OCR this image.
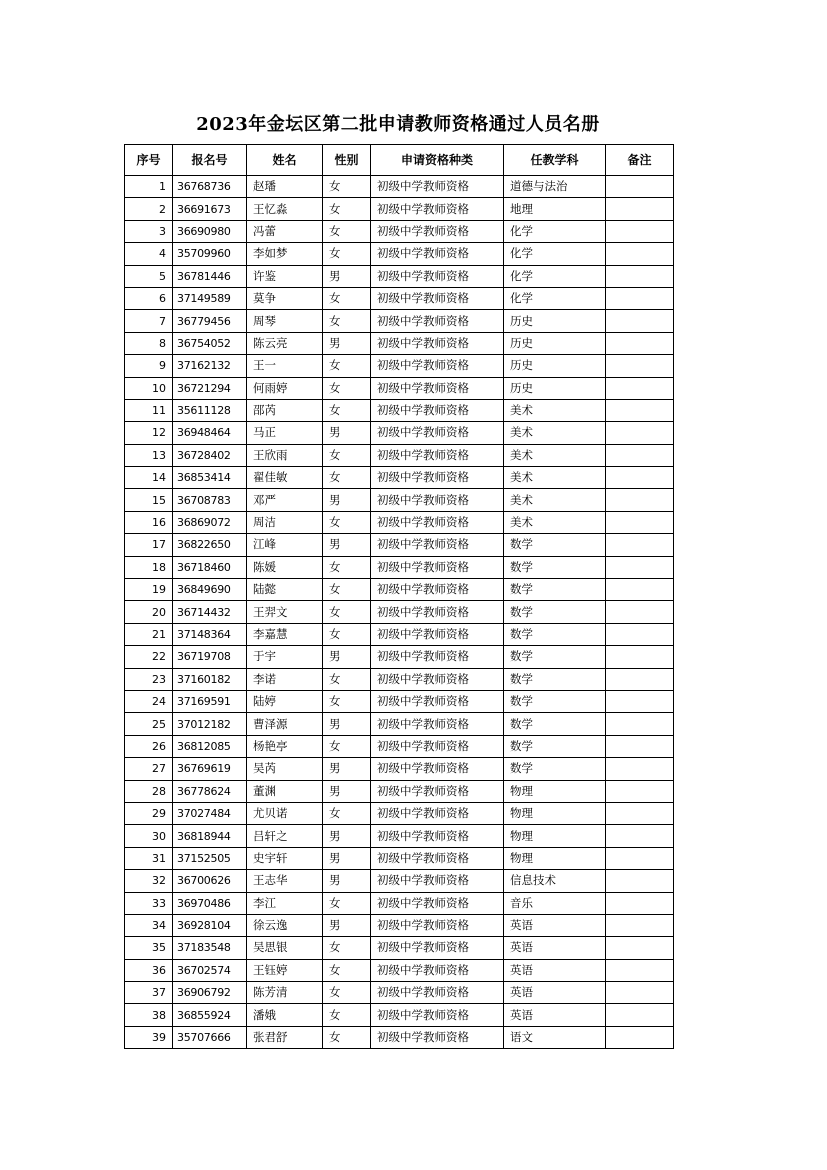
2023年金坛区第二批申请教师资格通过人员名册
序号	报名号	姓名	性别	申请资格种类	任教学科	备注
1	36768736	赵璠	女	初级中学教师资格	道德与法治	
2	36691673	王忆淼	女	初级中学教师资格	地理	
3	36690980	冯蕾	女	初级中学教师资格	化学	
4	35709960	李如梦	女	初级中学教师资格	化学	
5	36781446	许鉴	男	初级中学教师资格	化学	
6	37149589	莫争	女	初级中学教师资格	化学	
7	36779456	周琴	女	初级中学教师资格	历史	
8	36754052	陈云亮	男	初级中学教师资格	历史	
9	37162132	王一	女	初级中学教师资格	历史	
10	36721294	何雨婷	女	初级中学教师资格	历史	
11	35611128	邵芮	女	初级中学教师资格	美术	
12	36948464	马正	男	初级中学教师资格	美术	
13	36728402	王欣雨	女	初级中学教师资格	美术	
14	36853414	翟佳敏	女	初级中学教师资格	美术	
15	36708783	邓严	男	初级中学教师资格	美术	
16	36869072	周洁	女	初级中学教师资格	美术	
17	36822650	江峰	男	初级中学教师资格	数学	
18	36718460	陈媛	女	初级中学教师资格	数学	
19	36849690	陆懿	女	初级中学教师资格	数学	
20	36714432	王羿文	女	初级中学教师资格	数学	
21	37148364	李嘉慧	女	初级中学教师资格	数学	
22	36719708	于宇	男	初级中学教师资格	数学	
23	37160182	李诺	女	初级中学教师资格	数学	
24	37169591	陆婷	女	初级中学教师资格	数学	
25	37012182	曹泽源	男	初级中学教师资格	数学	
26	36812085	杨艳亭	女	初级中学教师资格	数学	
27	36769619	吴芮	男	初级中学教师资格	数学	
28	36778624	董渊	男	初级中学教师资格	物理	
29	37027484	尤贝诺	女	初级中学教师资格	物理	
30	36818944	吕轩之	男	初级中学教师资格	物理	
31	37152505	史宇轩	男	初级中学教师资格	物理	
32	36700626	王志华	男	初级中学教师资格	信息技术	
33	36970486	李江	女	初级中学教师资格	音乐	
34	36928104	徐云逸	男	初级中学教师资格	英语	
35	37183548	吴思银	女	初级中学教师资格	英语	
36	36702574	王钰婷	女	初级中学教师资格	英语	
37	36906792	陈芳清	女	初级中学教师资格	英语	
38	36855924	潘娥	女	初级中学教师资格	英语	
39	35707666	张君舒	女	初级中学教师资格	语文	
